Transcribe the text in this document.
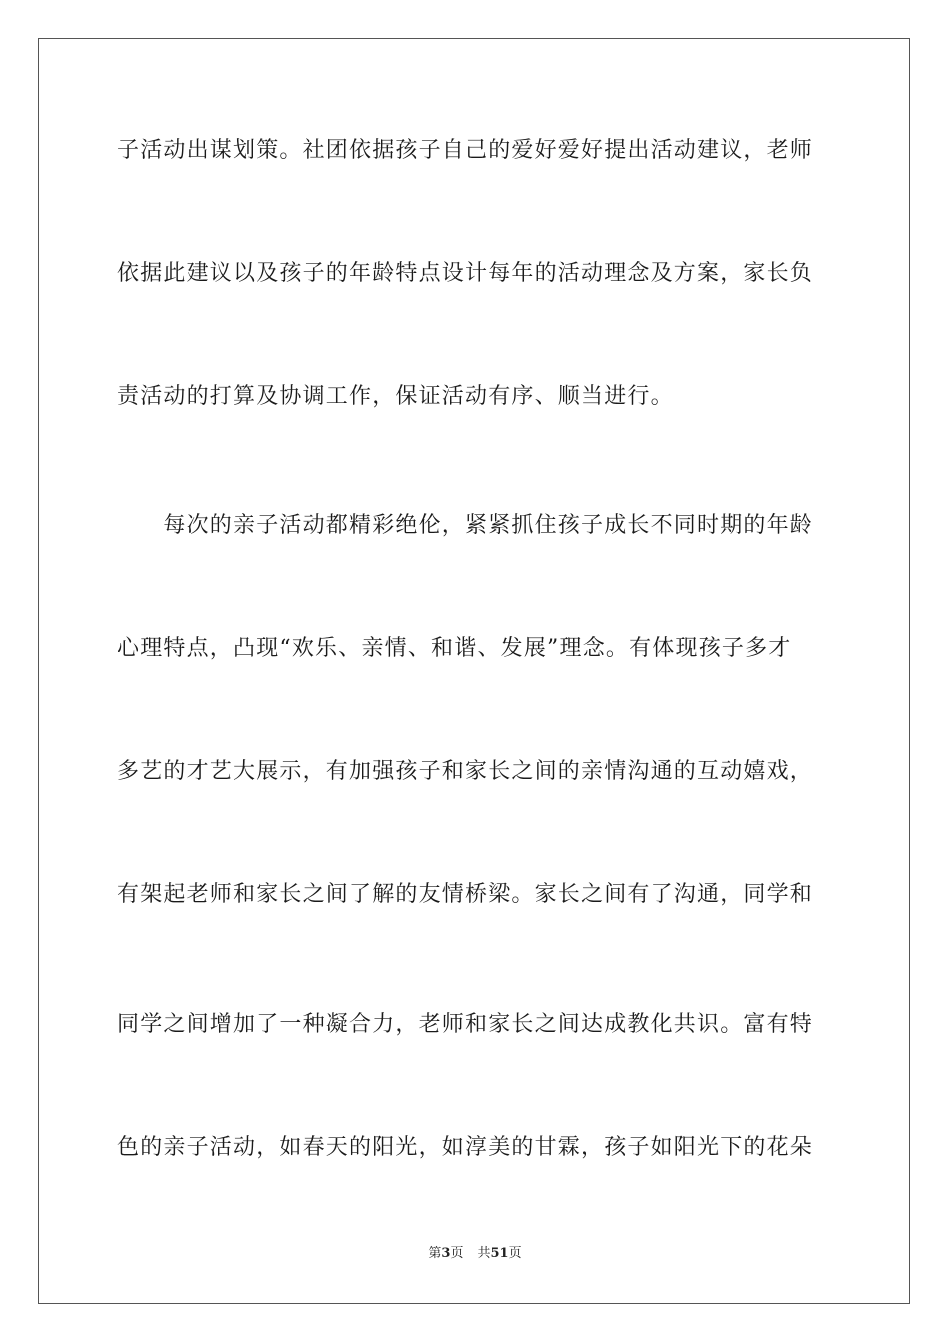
子活动出谋划策。社团依据孩子自己的爱好爱好提出活动建议，老师
依据此建议以及孩子的年龄特点设计每年的活动理念及方案，家长负
责活动的打算及协调工作，保证活动有序、顺当进行。
　　每次的亲子活动都精彩绝伦，紧紧抓住孩子成长不同时期的年龄
心理特点，凸现“欢乐、亲情、和谐、发展”理念。有体现孩子多才
多艺的才艺大展示，有加强孩子和家长之间的亲情沟通的互动嬉戏，
有架起老师和家长之间了解的友情桥梁。家长之间有了沟通，同学和
同学之间增加了一种凝合力，老师和家长之间达成教化共识。富有特
色的亲子活动，如春天的阳光，如淳美的甘霖，孩子如阳光下的花朵
第3页 共51页
